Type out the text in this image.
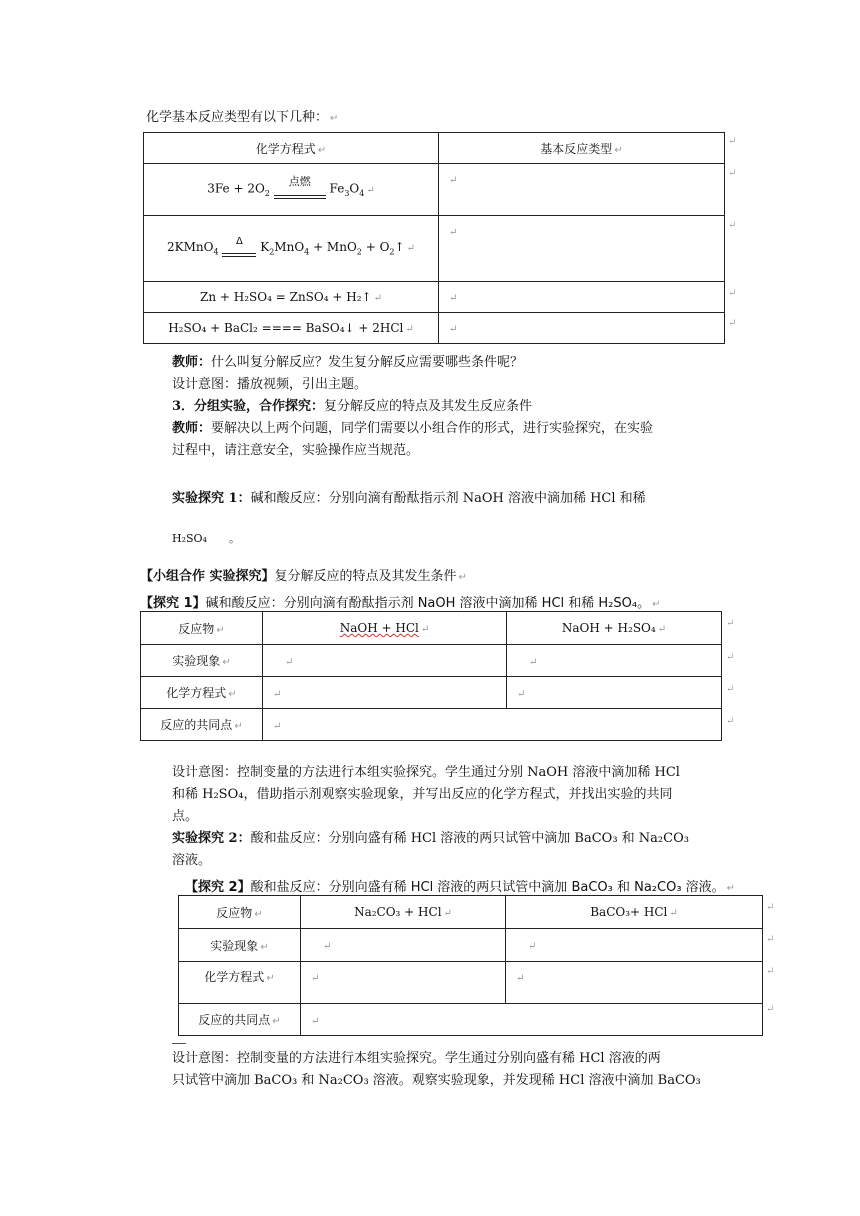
化学基本反应类型有以下几种： ↵
化学方程式 ↵	基本反应类型 ↵
$3Fe + 2O_2$ 点燃 $Fe_3O_4$ ↵	↵
2KMnO$_4$ $^\Delta$ $K_2MnO_4 + MnO_2$ + $O_2↑$ ↵	↵
Zn + H₂SO₄ = ZnSO₄ + H₂↑ ↵	↵
H₂SO₄ + BaCl₂ ==== BaSO₄↓ + 2HCl ↵	↵
↵
↵
↵
↵
↵
教师：什么叫复分解反应？发生复分解反应需要哪些条件呢？
设计意图：播放视频，引出主题。
3．分组实验，合作探究：复分解反应的特点及其发生反应条件
教师：要解决以上两个问题，同学们需要以小组合作的形式，进行实验探究，在实验
过程中，请注意安全，实验操作应当规范。
实验探究 1：碱和酸反应：分别向滴有酚酞指示剂 NaOH 溶液中滴加稀 HCl 和稀
H₂SO₄　　。
【小组合作 实验探究】复分解反应的特点及其发生条件 ↵
【探究 1】碱和酸反应：分别向滴有酚酞指示剂 NaOH 溶液中滴加稀 HCl 和稀 H₂SO₄。 ↵
反应物 ↵	NaOH + HCl ↵	NaOH + H₂SO₄ ↵
实验现象 ↵	↵	↵
化学方程式 ↵	↵	↵
反应的共同点 ↵	↵	
↵
↵
↵
↵
设计意图：控制变量的方法进行本组实验探究。学生通过分别 NaOH 溶液中滴加稀 HCl
和稀 H₂SO₄，借助指示剂观察实验现象，并写出反应的化学方程式，并找出实验的共同
点。
实验探究 2：酸和盐反应：分别向盛有稀 HCl 溶液的两只试管中滴加 BaCO₃ 和 Na₂CO₃
溶液。
【探究 2】酸和盐反应：分别向盛有稀 HCl 溶液的两只试管中滴加 BaCO₃ 和 Na₂CO₃ 溶液。 ↵
反应物 ↵	Na₂CO₃ + HCl ↵	BaCO₃+ HCl ↵
实验现象 ↵	↵	↵
化学方程式 ↵	↵	↵
反应的共同点 ↵	↵	
↵
↵
↵
↵
设计意图：控制变量的方法进行本组实验探究。学生通过分别向盛有稀 HCl 溶液的两
只试管中滴加 BaCO₃ 和 Na₂CO₃ 溶液。观察实验现象，并发现稀 HCl 溶液中滴加 BaCO₃
